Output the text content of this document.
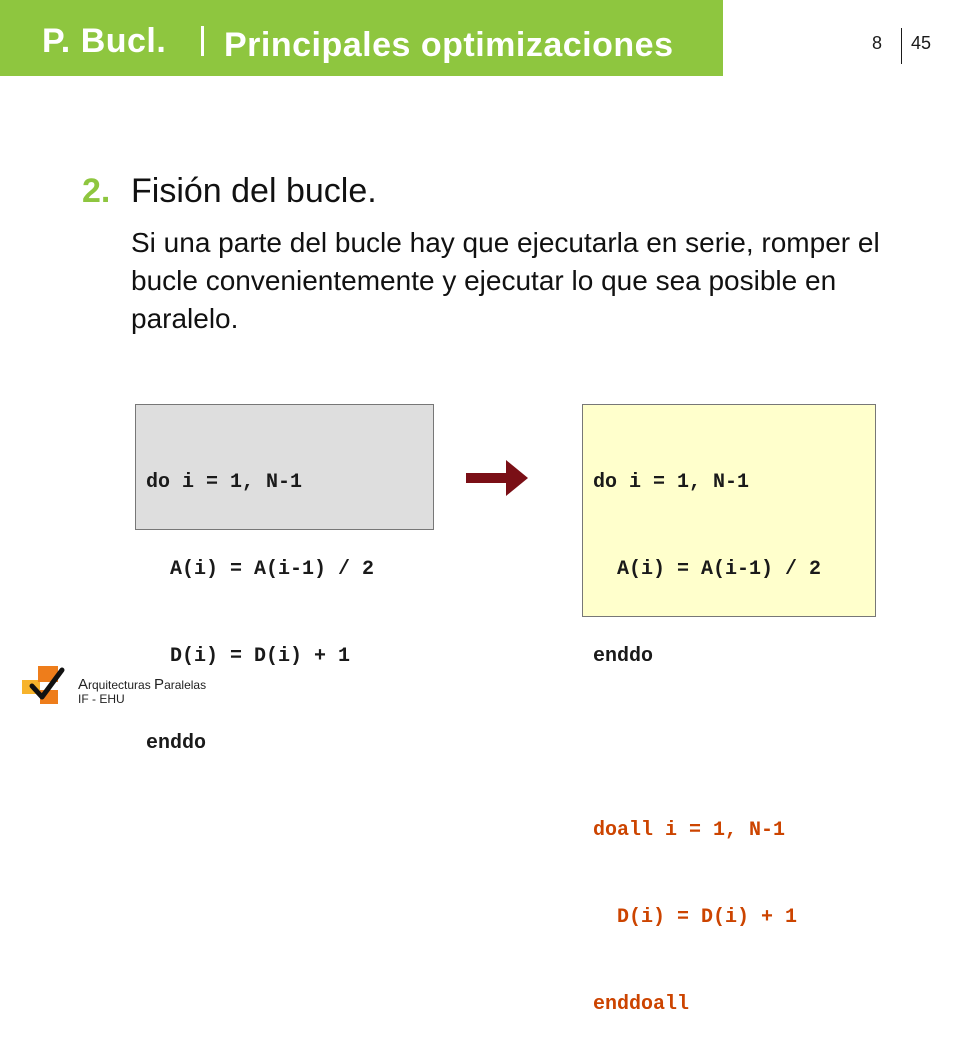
P. Bucl. Principales optimizaciones	8 45
2. Fisión del bucle.
Si una parte del bucle hay que ejecutarla en serie, romper el bucle convenientemente y ejecutar lo que sea posible en paralelo.

do i = 1, N-1

A(i) = A(i-1) / 2

D(i) = D(i) + 1

enddo

do i = 1, N-1

A(i) = A(i-1) / 2

enddo

doall i = 1, N-1

D(i) = D(i) + 1

enddoall

Arquitecturas Paralelas
IF - EHU
